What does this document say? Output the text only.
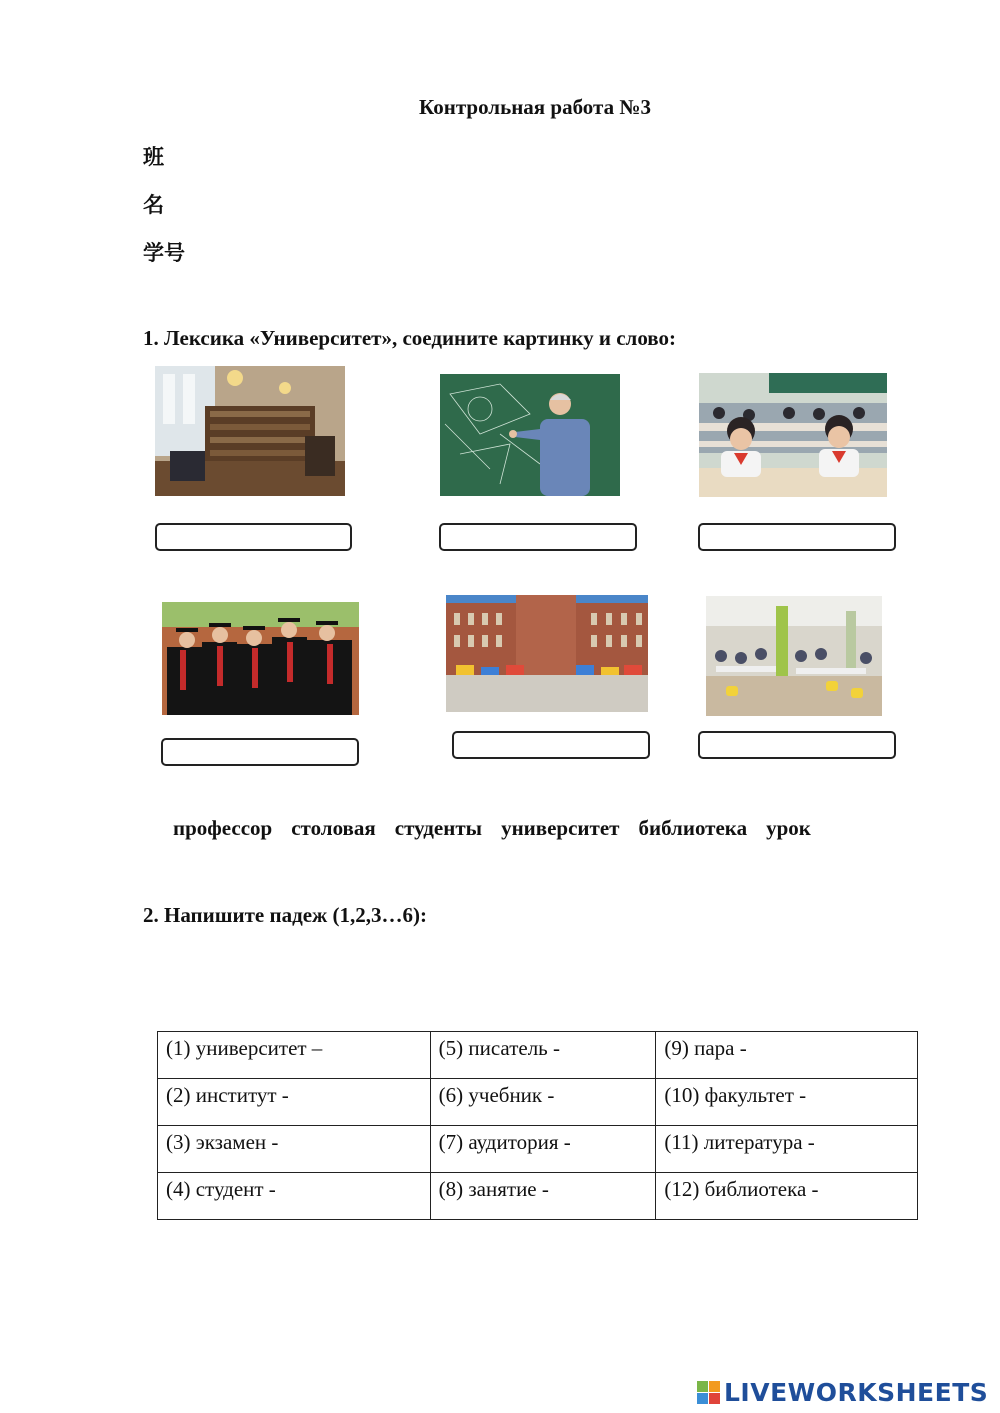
Контрольная работа №3
班
名
学号
1. Лексика «Университет», соедините картинку и слово:
профессор столовая студенты университет библиотека урок
2. Напишите падеж (1,2,3…6):
(1) университет –	(5) писатель -	(9) пара -
(2) институт -	(6) учебник -	(10) факультет -
(3) экзамен -	(7) аудитория -	(11) литература -
(4) студент -	(8) занятие -	(12) библиотека -
LIVEWORKSHEETS
